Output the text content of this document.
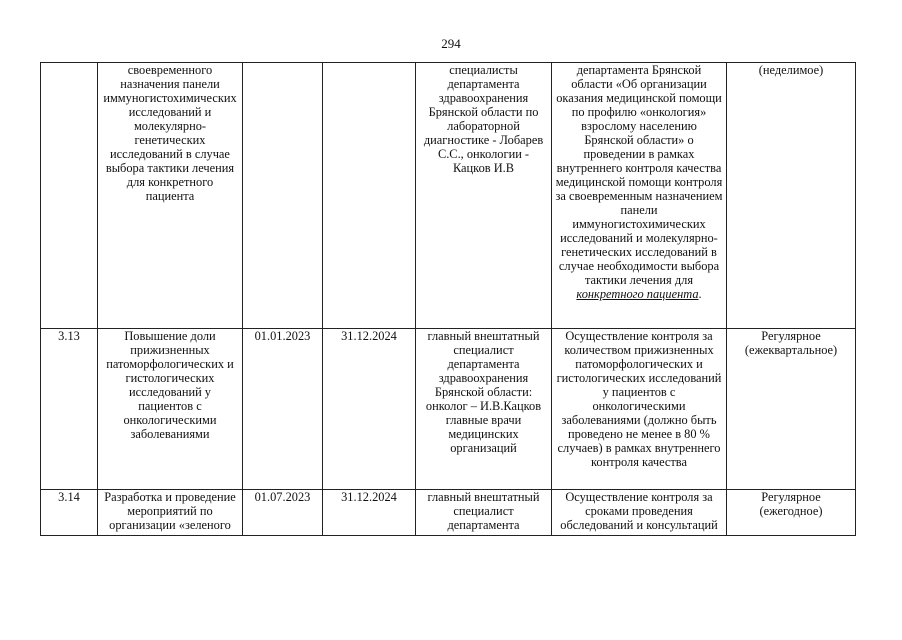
294
	своевременного назначения панели иммуногистохимических исследований и молекулярно-генетических исследований в случае выбора тактики лечения для конкретного пациента			специалисты департамента здравоохранения Брянской области по лабораторной диагностике - Лобарев С.С., онкологии - Кацков И.В	департамента Брянской области «Об организации оказания медицинской помощи по профилю «онкология» взрослому населению Брянской области» о проведении в рамках внутреннего контроля качества медицинской помощи контроля за своевременным назначением панели иммуногистохимических исследований и молекулярно-генетических исследований в случае необходимости выбора тактики лечения для конкретного пациента.	(неделимое)
3.13	Повышение доли прижизненных патоморфологических и гистологических исследований у пациентов с онкологическими заболеваниями	01.01.2023	31.12.2024	главный внештатный специалист департамента здравоохранения Брянской области: онколог – И.В.Кацков главные врачи медицинских организаций	Осуществление контроля за количеством прижизненных патоморфологических и гистологических исследований у пациентов с онкологическими заболеваниями (должно быть проведено не менее в 80 % случаев) в рамках внутреннего контроля качества	Регулярное (ежеквартальное)
3.14	Разработка и проведение мероприятий по организации «зеленого	01.07.2023	31.12.2024	главный внештатный специалист департамента	Осуществление контроля за сроками проведения обследований и консультаций	Регулярное (ежегодное)
